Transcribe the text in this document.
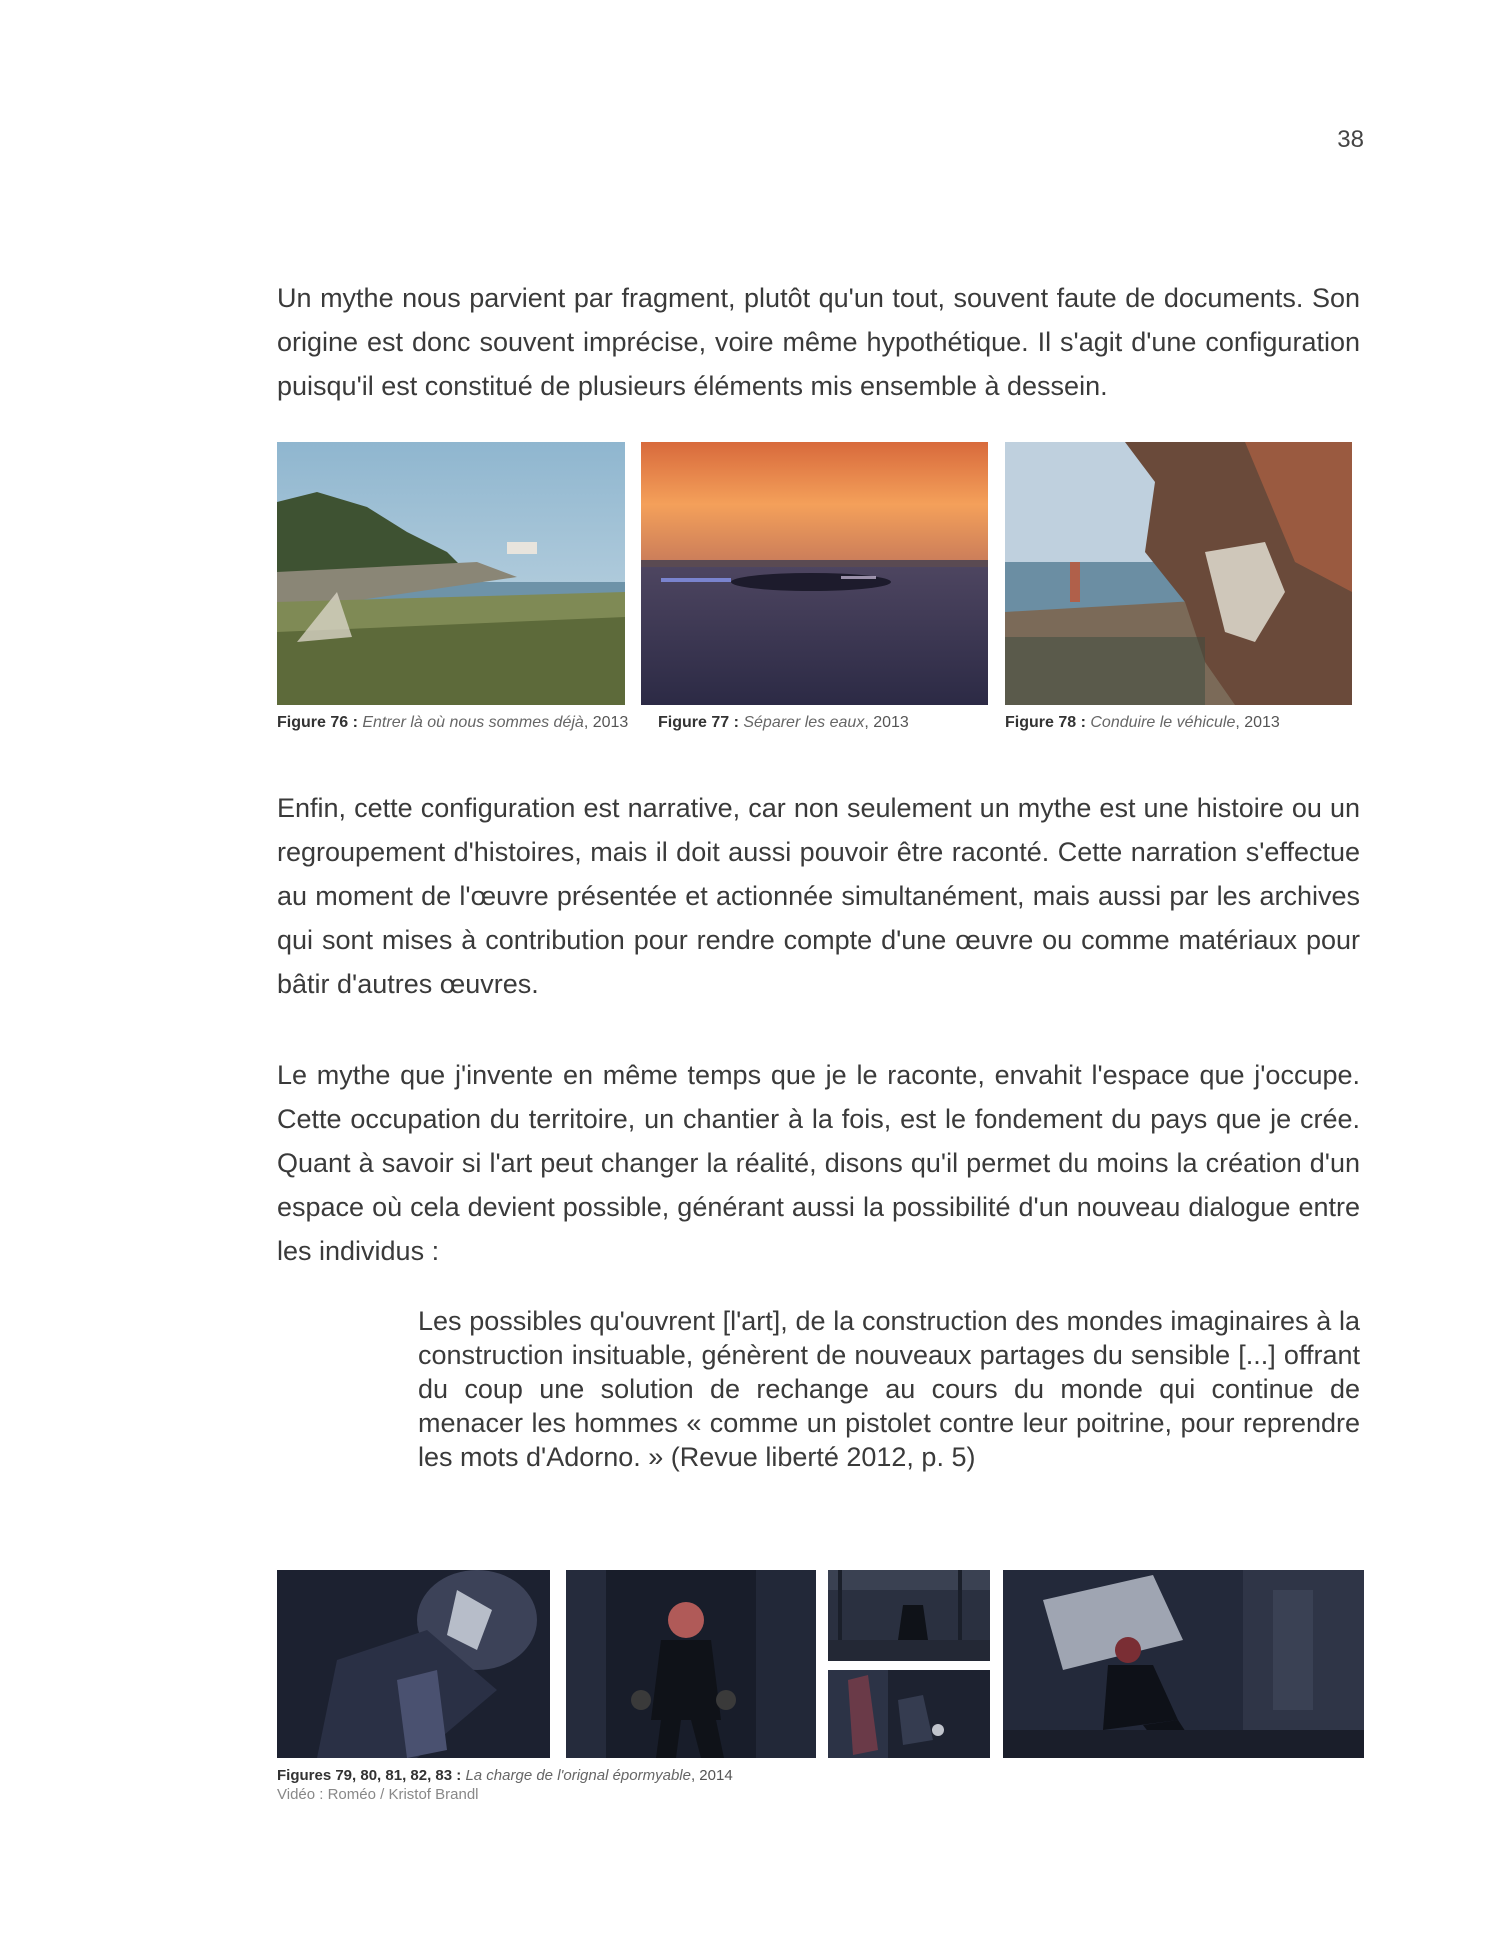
38

Un mythe nous parvient par fragment, plutôt qu'un tout, souvent faute de documents. Son origine est donc souvent imprécise, voire même hypothétique. Il s'agit d'une configuration puisqu'il est constitué de plusieurs éléments mis ensemble à dessein.

Figure 76 : Entrer là où nous sommes déjà, 2013 Figure 77 : Séparer les eaux, 2013	Figure 78 : Conduire le véhicule, 2013

Enfin, cette configuration est narrative, car non seulement un mythe est une histoire ou un regroupement d'histoires, mais il doit aussi pouvoir être raconté. Cette narration s'effectue au moment de l'œuvre présentée et actionnée simultanément, mais aussi par les archives qui sont mises à contribution pour rendre compte d'une œuvre ou comme matériaux pour bâtir d'autres œuvres.

Le mythe que j'invente en même temps que je le raconte, envahit l'espace que j'occupe. Cette occupation du territoire, un chantier à la fois, est le fondement du pays que je crée. Quant à savoir si l'art peut changer la réalité, disons qu'il permet du moins la création d'un espace où cela devient possible, générant aussi la possibilité d'un nouveau dialogue entre les individus :

Les possibles qu'ouvrent [l'art], de la construction des mondes imaginaires à la construction insituable, génèrent de nouveaux partages du sensible [...] offrant du coup une solution de rechange au cours du monde qui continue de menacer les hommes « comme un pistolet contre leur poitrine, pour reprendre les mots d'Adorno. » (Revue liberté 2012, p. 5)

Figures 79, 80, 81, 82, 83 : La charge de l'orignal épormyable, 2014
Vidéo : Roméo / Kristof Brandl
